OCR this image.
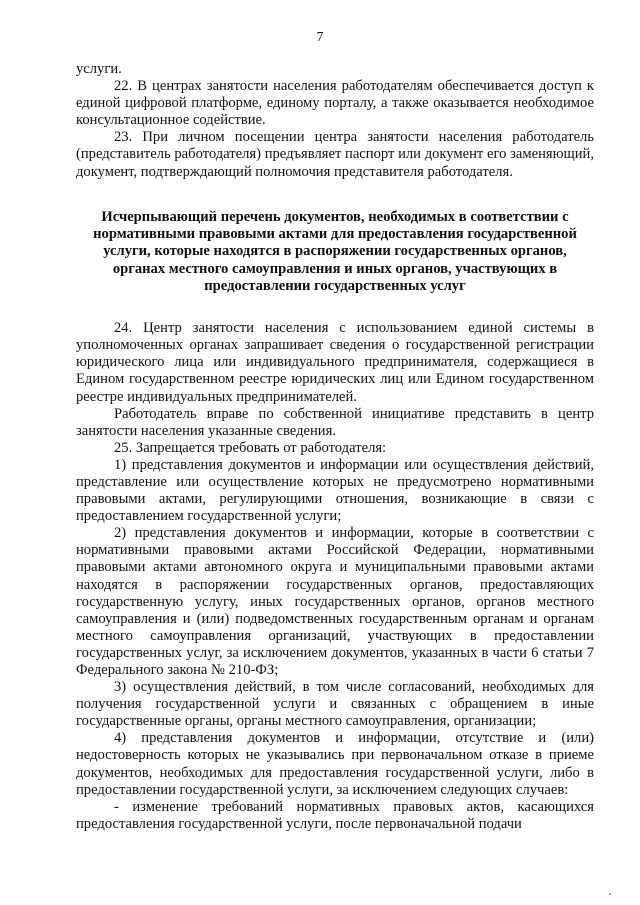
7

услуги.

22. В центрах занятости населения работодателям обеспечивается доступ к единой цифровой платформе, единому порталу, а также оказывается необходимое консультационное содействие.

23. При личном посещении центра занятости населения работодатель (представитель работодателя) предъявляет паспорт или документ его заменяющий, документ, подтверждающий полномочия представителя работодателя.

Исчерпывающий перечень документов, необходимых в соответствии с нормативными правовыми актами для предоставления государственной услуги, которые находятся в распоряжении государственных органов, органах местного самоуправления и иных органов, участвующих в предоставлении государственных услуг

24. Центр занятости населения с использованием единой системы в уполномоченных органах запрашивает сведения о государственной регистрации юридического лица или индивидуального предпринимателя, содержащиеся в Едином государственном реестре юридических лиц или Едином государственном реестре индивидуальных предпринимателей.

Работодатель вправе по собственной инициативе представить в центр занятости населения указанные сведения.

25. Запрещается требовать от работодателя:

1) представления документов и информации или осуществления действий, представление или осуществление которых не предусмотрено нормативными правовыми актами, регулирующими отношения, возникающие в связи с предоставлением государственной услуги;

2) представления документов и информации, которые в соответствии с нормативными правовыми актами Российской Федерации, нормативными правовыми актами автономного округа и муниципальными правовыми актами находятся в распоряжении государственных органов, предоставляющих государственную услугу, иных государственных органов, органов местного самоуправления и (или) подведомственных государственным органам и органам местного самоуправления организаций, участвующих в предоставлении государственных услуг, за исключением документов, указанных в части 6 статьи 7 Федерального закона № 210-ФЗ;

3) осуществления действий, в том числе согласований, необходимых для получения государственной услуги и связанных с обращением в иные государственные органы, органы местного самоуправления, организации;

4) представления документов и информации, отсутствие и (или) недостоверность которых не указывались при первоначальном отказе в приеме документов, необходимых для предоставления государственной услуги, либо в предоставлении государственной услуги, за исключением следующих случаев:

- изменение требований нормативных правовых актов, касающихся предоставления государственной услуги, после первоначальной подачи
